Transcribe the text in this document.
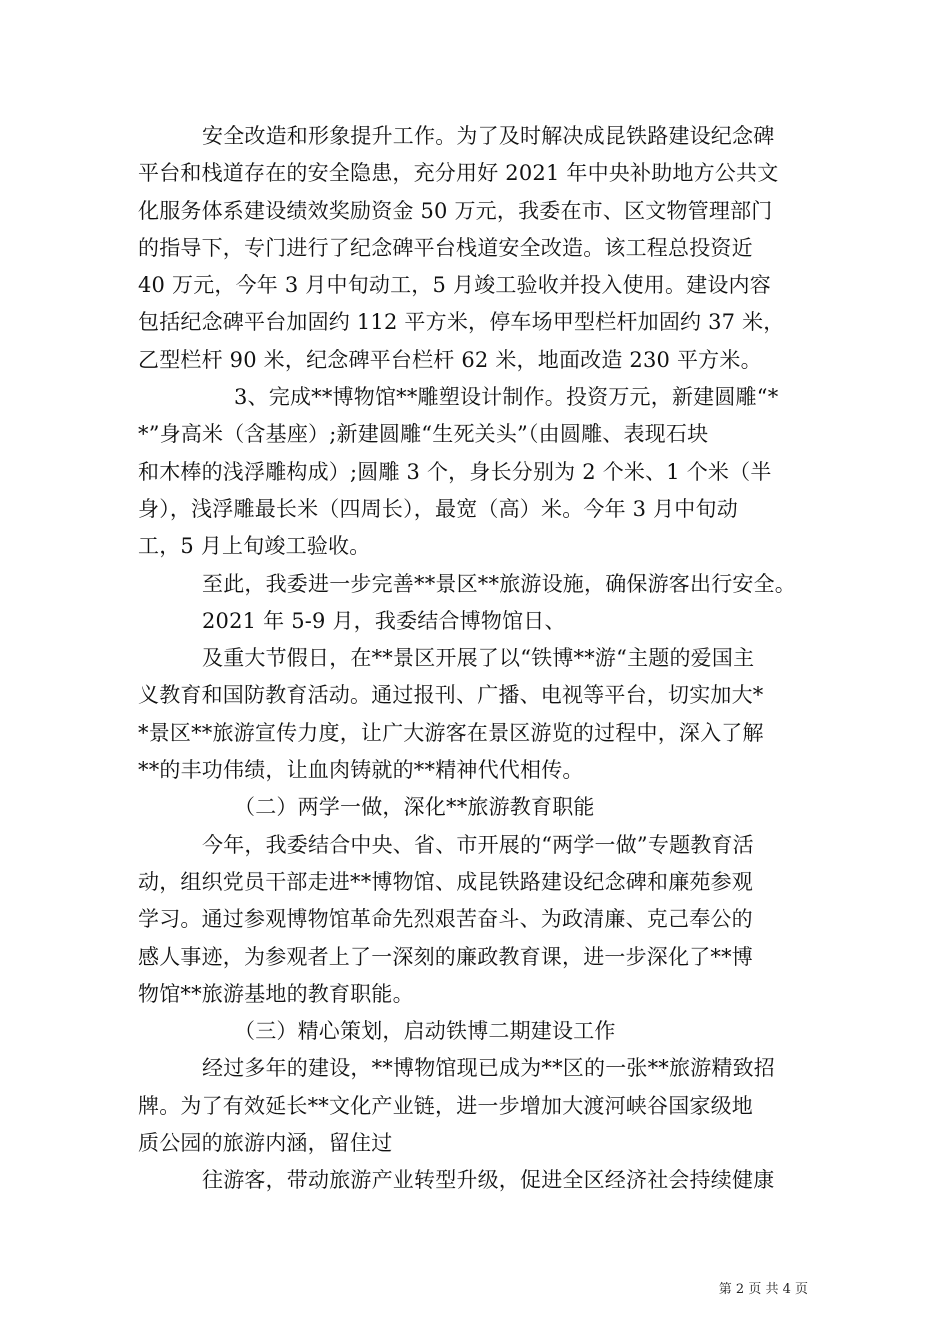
安全改造和形象提升工作。为了及时解决成昆铁路建设纪念碑
平台和栈道存在的安全隐患，充分用好 2021 年中央补助地方公共文
化服务体系建设绩效奖励资金 50 万元，我委在市、区文物管理部门
的指导下，专门进行了纪念碑平台栈道安全改造。该工程总投资近
40 万元，今年 3 月中旬动工，5 月竣工验收并投入使用。建设内容
包括纪念碑平台加固约 112 平方米，停车场甲型栏杆加固约 37 米，
乙型栏杆 90 米，纪念碑平台栏杆 62 米，地面改造 230 平方米。
3、完成**博物馆**雕塑设计制作。投资万元，新建圆雕“*
*”身高米（含基座）;新建圆雕“生死关头”（由圆雕、表现石块
和木棒的浅浮雕构成）;圆雕 3 个，身长分别为 2 个米、1 个米（半
身），浅浮雕最长米（四周长），最宽（高）米。今年 3 月中旬动
工，5 月上旬竣工验收。
至此，我委进一步完善**景区**旅游设施，确保游客出行安全。
2021 年 5-9 月，我委结合博物馆日、
及重大节假日，在**景区开展了以“铁博**游“主题的爱国主
义教育和国防教育活动。通过报刊、广播、电视等平台，切实加大*
*景区**旅游宣传力度，让广大游客在景区游览的过程中，深入了解
**的丰功伟绩，让血肉铸就的**精神代代相传。
（二）两学一做，深化**旅游教育职能
今年，我委结合中央、省、市开展的“两学一做”专题教育活
动，组织党员干部走进**博物馆、成昆铁路建设纪念碑和廉苑参观
学习。通过参观博物馆革命先烈艰苦奋斗、为政清廉、克己奉公的
感人事迹，为参观者上了一深刻的廉政教育课，进一步深化了**博
物馆**旅游基地的教育职能。
（三）精心策划，启动铁博二期建设工作
经过多年的建设，**博物馆现已成为**区的一张**旅游精致招
牌。为了有效延长**文化产业链，进一步增加大渡河峡谷国家级地
质公园的旅游内涵，留住过
往游客，带动旅游产业转型升级，促进全区经济社会持续健康
第 2 页 共 4 页
